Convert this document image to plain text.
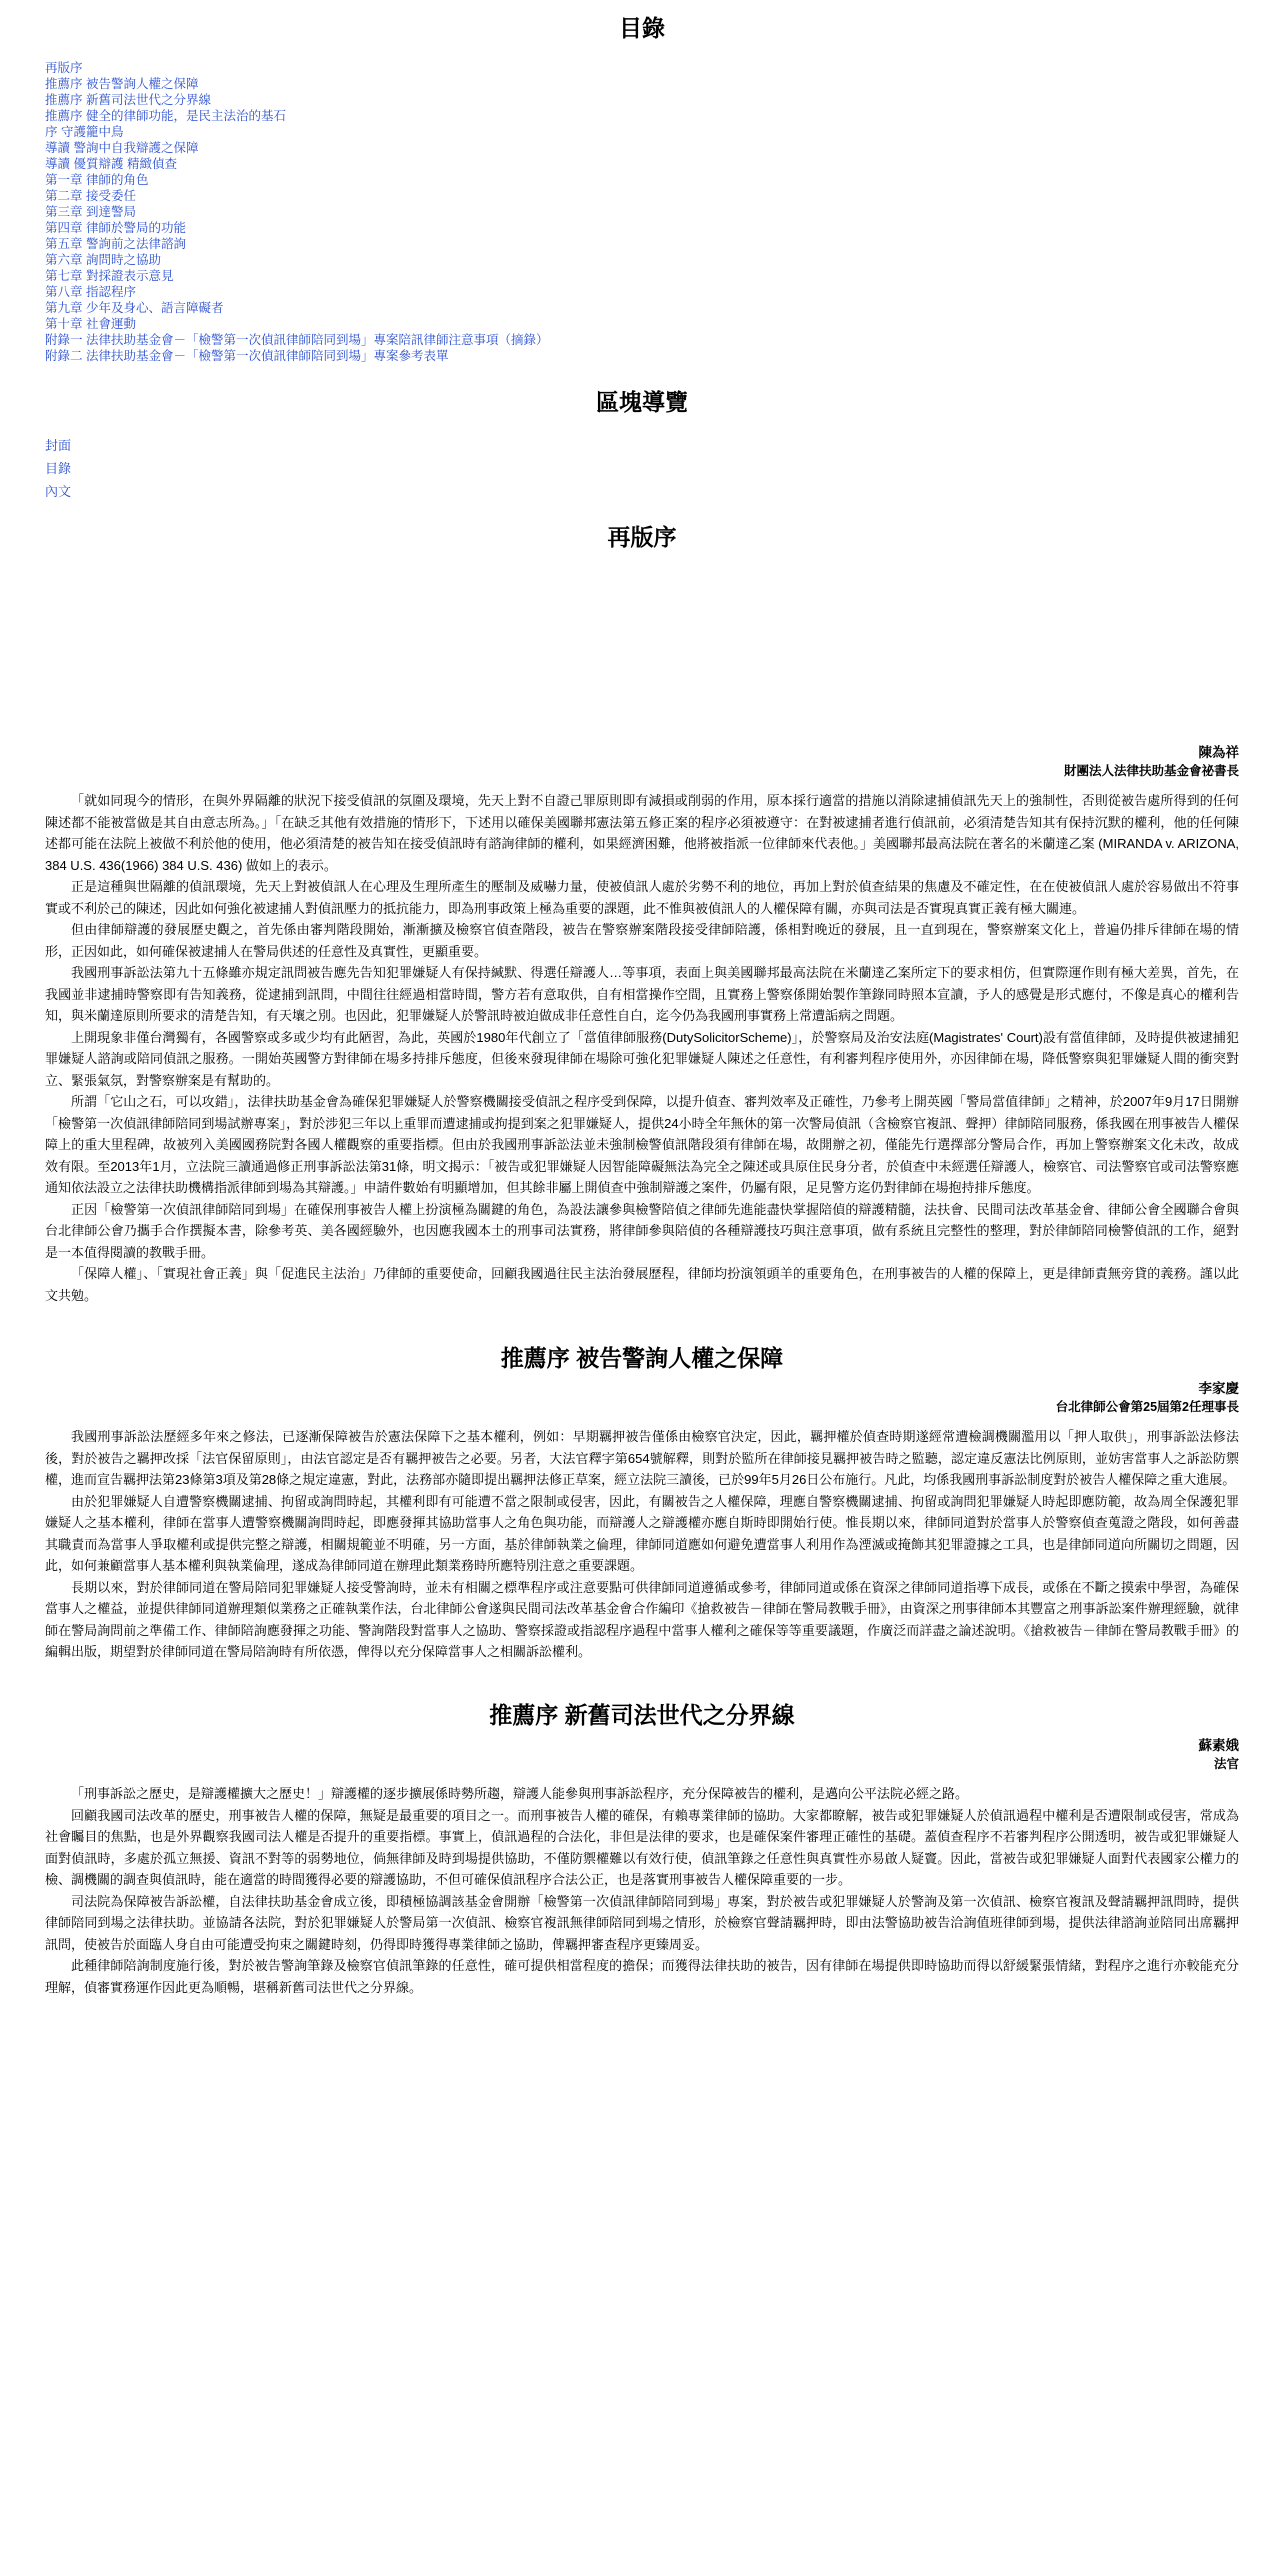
目錄
再版序
推薦序 被告警詢人權之保障
推薦序 新舊司法世代之分界線
推薦序 健全的律師功能，是民主法治的基石
序 守護籠中鳥
導讀 警詢中自我辯護之保障
導讀 優質辯護 精緻偵查
第一章 律師的角色
第二章 接受委任
第三章 到達警局
第四章 律師於警局的功能
第五章 警詢前之法律諮詢
第六章 詢問時之協助
第七章 對採證表示意見
第八章 指認程序
第九章 少年及身心、語言障礙者
第十章 社會運動
附錄一 法律扶助基金會－「檢警第一次偵訊律師陪同到場」專案陪訊律師注意事項（摘錄）
附錄二 法律扶助基金會－「檢警第一次偵訊律師陪同到場」專案參考表單
區塊導覽
封面
目錄
內文
再版序
陳為祥
財團法人法律扶助基金會祕書長

「就如同現今的情形，在與外界隔離的狀況下接受偵訊的氛圍及環境，先天上對不自證己罪原則即有減損或削弱的作用，原本採行適當的措施以消除逮捕偵訊先天上的強制性，否則從被告處所得到的任何陳述都不能被當做是其自由意志所為。」「在缺乏其他有效措施的情形下，下述用以確保美國聯邦憲法第五修正案的程序必須被遵守：在對被逮捕者進行偵訊前，必須清楚告知其有保持沉默的權利，他的任何陳述都可能在法院上被做不利於他的使用，他必須清楚的被告知在接受偵訊時有諮詢律師的權利，如果經濟困難，他將被指派一位律師來代表他。」美國聯邦最高法院在著名的米蘭達乙案 (MIRANDA v. ARIZONA, 384 U.S. 436(1966) 384 U.S. 436) 做如上的表示。

正是這種與世隔離的偵訊環境，先天上對被偵訊人在心理及生理所產生的壓制及威嚇力量，使被偵訊人處於劣勢不利的地位，再加上對於偵查結果的焦慮及不確定性，在在使被偵訊人處於容易做出不符事實或不利於己的陳述，因此如何強化被逮捕人對偵訊壓力的抵抗能力，即為刑事政策上極為重要的課題，此不惟與被偵訊人的人權保障有關，亦與司法是否實現真實正義有極大關連。

但由律師辯護的發展歷史觀之，首先係由審判階段開始，漸漸擴及檢察官偵查階段，被告在警察辦案階段接受律師陪護，係相對晚近的發展，且一直到現在，警察辦案文化上，普遍仍排斥律師在場的情形，正因如此，如何確保被逮捕人在警局供述的任意性及真實性，更顯重要。

我國刑事訴訟法第九十五條雖亦規定訊問被告應先告知犯罪嫌疑人有保持緘默、得選任辯護人…等事項，表面上與美國聯邦最高法院在米蘭達乙案所定下的要求相仿，但實際運作則有極大差異，首先，在我國並非逮捕時警察即有告知義務，從逮捕到訊問，中間往往經過相當時間，警方若有意取供，自有相當操作空間，且實務上警察係開始製作筆錄同時照本宣讀，予人的感覺是形式應付，不像是真心的權利告知，與米蘭達原則所要求的清楚告知，有天壤之別。也因此，犯罪嫌疑人於警訊時被迫做成非任意性自白，迄今仍為我國刑事實務上常遭詬病之問題。

上開現象非僅台灣獨有，各國警察或多或少均有此陋習，為此，英國於1980年代創立了「當值律師服務(DutySolicitorScheme)」，於警察局及治安法庭(Magistrates' Court)設有當值律師，及時提供被逮捕犯罪嫌疑人諮詢或陪同偵訊之服務。一開始英國警方對律師在場多持排斥態度，但後來發現律師在場除可強化犯罪嫌疑人陳述之任意性，有利審判程序使用外，亦因律師在場，降低警察與犯罪嫌疑人間的衝突對立、緊張氣氛，對警察辦案是有幫助的。

所謂「它山之石，可以攻錯」，法律扶助基金會為確保犯罪嫌疑人於警察機關接受偵訊之程序受到保障，以提升偵查、審判效率及正確性，乃參考上開英國「警局當值律師」之精神，於2007年9月17日開辦「檢警第一次偵訊律師陪同到場試辦專案」，對於涉犯三年以上重罪而遭逮捕或拘提到案之犯罪嫌疑人，提供24小時全年無休的第一次警局偵訊（含檢察官複訊、聲押）律師陪同服務，係我國在刑事被告人權保障上的重大里程碑，故被列入美國國務院對各國人權觀察的重要指標。但由於我國刑事訴訟法並未強制檢警偵訊階段須有律師在場，故開辦之初，僅能先行選擇部分警局合作，再加上警察辦案文化未改，故成效有限。至2013年1月，立法院三讀通過修正刑事訴訟法第31條，明文揭示：「被告或犯罪嫌疑人因智能障礙無法為完全之陳述或具原住民身分者，於偵查中未經選任辯護人，檢察官、司法警察官或司法警察應通知依法設立之法律扶助機構指派律師到場為其辯護。」申請件數始有明顯增加，但其餘非屬上開偵查中強制辯護之案件，仍屬有限，足見警方迄仍對律師在場抱持排斥態度。

正因「檢警第一次偵訊律師陪同到場」在確保刑事被告人權上扮演極為關鍵的角色，為設法讓參與檢警陪偵之律師先進能盡快掌握陪偵的辯護精髓，法扶會、民間司法改革基金會、律師公會全國聯合會與台北律師公會乃攜手合作撰擬本書，除參考英、美各國經驗外，也因應我國本土的刑事司法實務，將律師參與陪偵的各種辯護技巧與注意事項，做有系統且完整性的整理，對於律師陪同檢警偵訊的工作，絕對是一本值得閱讀的教戰手冊。

「保障人權」、「實現社會正義」與「促進民主法治」乃律師的重要使命，回顧我國過往民主法治發展歷程，律師均扮演領頭羊的重要角色，在刑事被告的人權的保障上，更是律師責無旁貸的義務。謹以此文共勉。

推薦序 被告警詢人權之保障
李家慶
台北律師公會第25屆第2任理事長

我國刑事訴訟法歷經多年來之修法，已逐漸保障被告於憲法保障下之基本權利，例如：早期羈押被告僅係由檢察官決定，因此，羈押權於偵查時期遂經常遭檢調機關濫用以「押人取供」，刑事訴訟法修法後，對於被告之羈押改採「法官保留原則」，由法官認定是否有羈押被告之必要。另者，大法官釋字第654號解釋，則對於監所在律師接見羈押被告時之監聽，認定違反憲法比例原則，並妨害當事人之訴訟防禦權，進而宣告羈押法第23條第3項及第28條之規定違憲，對此，法務部亦隨即提出羈押法修正草案，經立法院三讀後，已於99年5月26日公布施行。凡此，均係我國刑事訴訟制度對於被告人權保障之重大進展。

由於犯罪嫌疑人自遭警察機關逮捕、拘留或詢問時起，其權利即有可能遭不當之限制或侵害，因此，有關被告之人權保障，理應自警察機關逮捕、拘留或詢問犯罪嫌疑人時起即應防範，故為周全保護犯罪嫌疑人之基本權利，律師在當事人遭警察機關詢問時起，即應發揮其協助當事人之角色與功能，而辯護人之辯護權亦應自斯時即開始行使。惟長期以來，律師同道對於當事人於警察偵查蒐證之階段，如何善盡其職責而為當事人爭取權利或提供完整之辯護，相關規範並不明確，另一方面，基於律師執業之倫理，律師同道應如何避免遭當事人利用作為湮滅或掩飾其犯罪證據之工具，也是律師同道向所關切之問題，因此，如何兼顧當事人基本權利與執業倫理，遂成為律師同道在辦理此類業務時所應特別注意之重要課題。

長期以來，對於律師同道在警局陪同犯罪嫌疑人接受警詢時，並未有相關之標準程序或注意要點可供律師同道遵循或參考，律師同道或係在資深之律師同道指導下成長，或係在不斷之摸索中學習，為確保當事人之權益，並提供律師同道辦理類似業務之正確執業作法，台北律師公會遂與民間司法改革基金會合作編印《搶救被告－律師在警局教戰手冊》，由資深之刑事律師本其豐富之刑事訴訟案件辦理經驗，就律師在警局詢問前之準備工作、律師陪詢應發揮之功能、警詢階段對當事人之協助、警察採證或指認程序過程中當事人權利之確保等等重要議題，作廣泛而詳盡之論述說明。《搶救被告－律師在警局教戰手冊》的編輯出版，期望對於律師同道在警局陪詢時有所依憑，俾得以充分保障當事人之相關訴訟權利。

推薦序 新舊司法世代之分界線
蘇素娥
法官

「刑事訴訟之歷史，是辯護權擴大之歷史！」辯護權的逐步擴展係時勢所趨，辯護人能參與刑事訴訟程序，充分保障被告的權利，是邁向公平法院必經之路。

回顧我國司法改革的歷史，刑事被告人權的保障，無疑是最重要的項目之一。而刑事被告人權的確保，有賴專業律師的協助。大家都瞭解，被告或犯罪嫌疑人於偵訊過程中權利是否遭限制或侵害，常成為社會矚目的焦點，也是外界觀察我國司法人權是否提升的重要指標。事實上，偵訊過程的合法化，非但是法律的要求，也是確保案件審理正確性的基礎。蓋偵查程序不若審判程序公開透明，被告或犯罪嫌疑人面對偵訊時，多處於孤立無援、資訊不對等的弱勢地位，倘無律師及時到場提供協助，不僅防禦權難以有效行使，偵訊筆錄之任意性與真實性亦易啟人疑竇。因此，當被告或犯罪嫌疑人面對代表國家公權力的檢、調機關的調查與偵訊時，能在適當的時間獲得必要的辯護協助，不但可確保偵訊程序合法公正，也是落實刑事被告人權保障重要的一步。

司法院為保障被告訴訟權，自法律扶助基金會成立後，即積極協調該基金會開辦「檢警第一次偵訊律師陪同到場」專案，對於被告或犯罪嫌疑人於警詢及第一次偵訊、檢察官複訊及聲請羈押訊問時，提供律師陪同到場之法律扶助。並協請各法院，對於犯罪嫌疑人於警局第一次偵訊、檢察官複訊無律師陪同到場之情形，於檢察官聲請羈押時，即由法警協助被告洽詢值班律師到場，提供法律諮詢並陪同出席羈押訊問，使被告於面臨人身自由可能遭受拘束之關鍵時刻，仍得即時獲得專業律師之協助，俾羈押審查程序更臻周妥。

此種律師陪詢制度施行後，對於被告警詢筆錄及檢察官偵訊筆錄的任意性，確可提供相當程度的擔保；而獲得法律扶助的被告，因有律師在場提供即時協助而得以舒緩緊張情緒，對程序之進行亦較能充分理解，偵審實務運作因此更為順暢，堪稱新舊司法世代之分界線。
